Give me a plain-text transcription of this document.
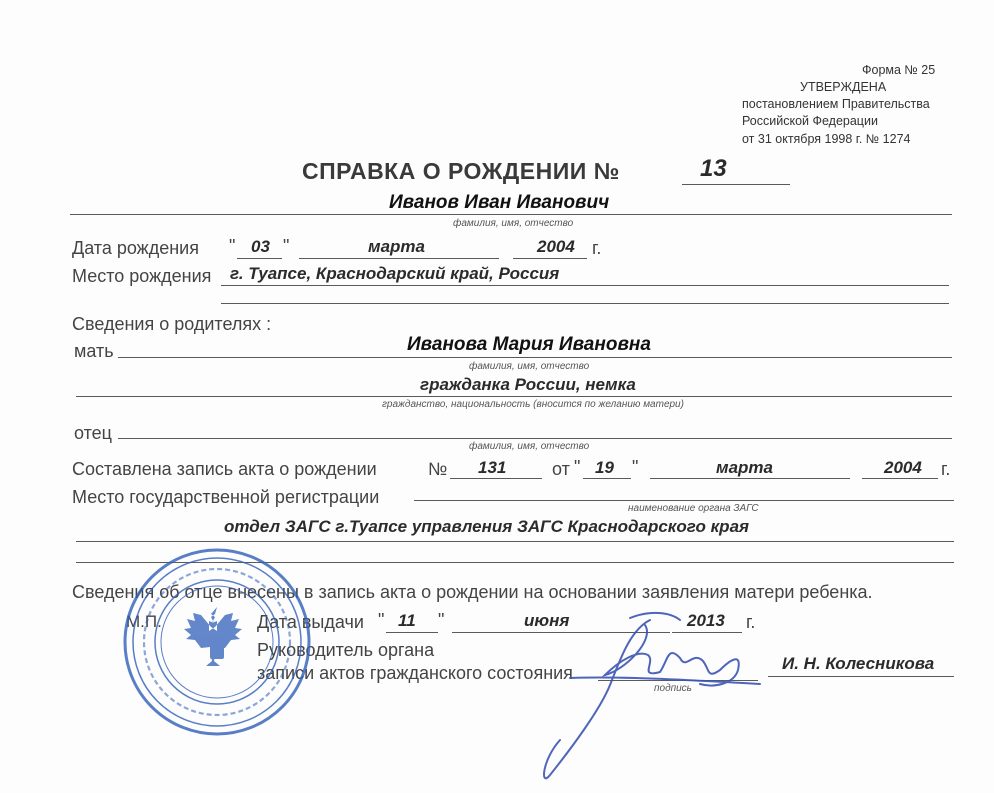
Форма № 25
УТВЕРЖДЕНА
постановлением Правительства
Российской Федерации
от 31 октября 1998 г. № 1274
СПРАВКА О РОЖДЕНИИ №	13
Иванов Иван Иванович
фамилия, имя, отчество
Дата рождения " 03 "	марта	2004 г.
Место рождения г. Туапсе, Краснодарский край, Россия
Сведения о родителях :
мать	Иванова Мария Ивановна
фамилия, имя, отчество
гражданка России, немка
гражданство, национальность (вносится по желанию матери)
отец
фамилия, имя, отчество
Составлена запись акта о рождении	№ 131	от " 19 "	марта	2004 г.
Место государственной регистрации
наименование органа ЗАГС
отдел ЗАГС г.Туапсе управления ЗАГС Краснодарского края
Сведения об отце внесены в запись акта о рождении на основании заявления матери ребенка.
М.П.	Дата выдачи " 11 "	июня	2013 г.
Руководитель органа
записи актов гражданского состояния
подпись
И. Н. Колесникова
